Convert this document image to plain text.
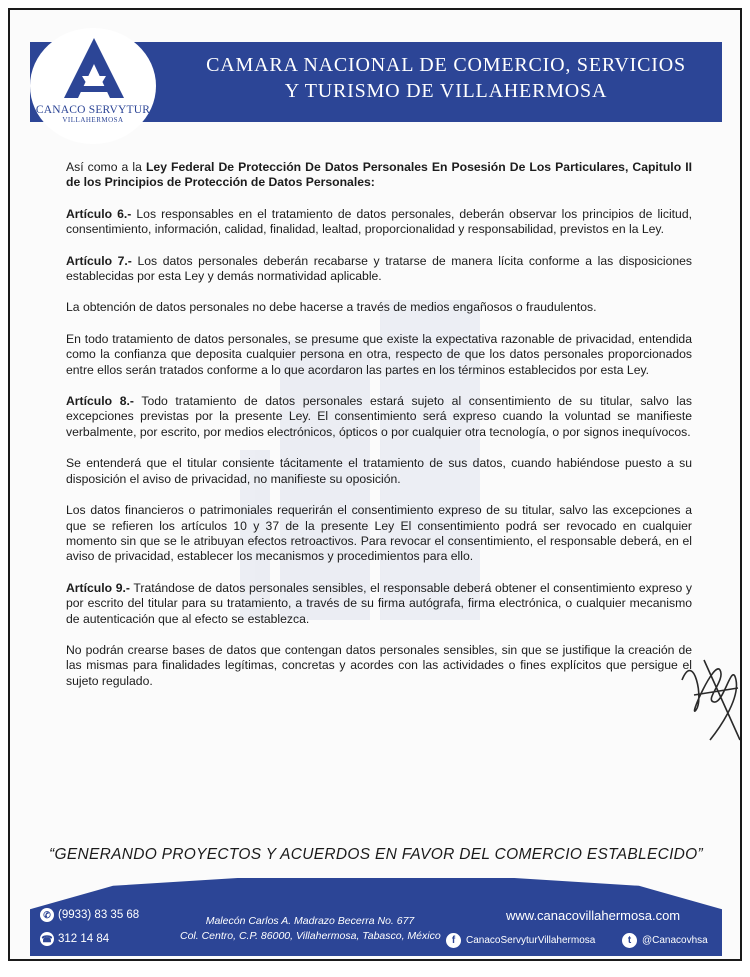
CANACO SERVYTUR
VILLAHERMOSA
CAMARA NACIONAL DE COMERCIO, SERVICIOS
Y TURISMO DE VILLAHERMOSA

Así como a la Ley Federal De Protección De Datos Personales En Posesión De Los Particulares, Capitulo II de los Principios de Protección de Datos Personales:

Artículo 6.- Los responsables en el tratamiento de datos personales, deberán observar los principios de licitud, consentimiento, información, calidad, finalidad, lealtad, proporcionalidad y responsabilidad, previstos en la Ley.

Artículo 7.- Los datos personales deberán recabarse y tratarse de manera lícita conforme a las disposiciones establecidas por esta Ley y demás normatividad aplicable.

La obtención de datos personales no debe hacerse a través de medios engañosos o fraudulentos.

En todo tratamiento de datos personales, se presume que existe la expectativa razonable de privacidad, entendida como la confianza que deposita cualquier persona en otra, respecto de que los datos personales proporcionados entre ellos serán tratados conforme a lo que acordaron las partes en los términos establecidos por esta Ley.

Artículo 8.- Todo tratamiento de datos personales estará sujeto al consentimiento de su titular, salvo las excepciones previstas por la presente Ley. El consentimiento será expreso cuando la voluntad se manifieste verbalmente, por escrito, por medios electrónicos, ópticos o por cualquier otra tecnología, o por signos inequívocos.

Se entenderá que el titular consiente tácitamente el tratamiento de sus datos, cuando habiéndose puesto a su disposición el aviso de privacidad, no manifieste su oposición.

Los datos financieros o patrimoniales requerirán el consentimiento expreso de su titular, salvo las excepciones a que se refieren los artículos 10 y 37 de la presente Ley El consentimiento podrá ser revocado en cualquier momento sin que se le atribuyan efectos retroactivos. Para revocar el consentimiento, el responsable deberá, en el aviso de privacidad, establecer los mecanismos y procedimientos para ello.

Artículo 9.- Tratándose de datos personales sensibles, el responsable deberá obtener el consentimiento expreso y por escrito del titular para su tratamiento, a través de su firma autógrafa, firma electrónica, o cualquier mecanismo de autenticación que al efecto se establezca.

No podrán crearse bases de datos que contengan datos personales sensibles, sin que se justifique la creación de las mismas para finalidades legítimas, concretas y acordes con las actividades o fines explícitos que persigue el sujeto regulado.

“GENERANDO PROYECTOS Y ACUERDOS EN FAVOR DEL COMERCIO ESTABLECIDO”
✆ (9933) 83 35 68
☎ 312 14 84
Malecón Carlos A. Madrazo Becerra No. 677
Col. Centro, C.P. 86000, Villahermosa, Tabasco, México
www.canacovillahermosa.com
f	CanacoServyturVillahermosa	t	@Canacovhsa
